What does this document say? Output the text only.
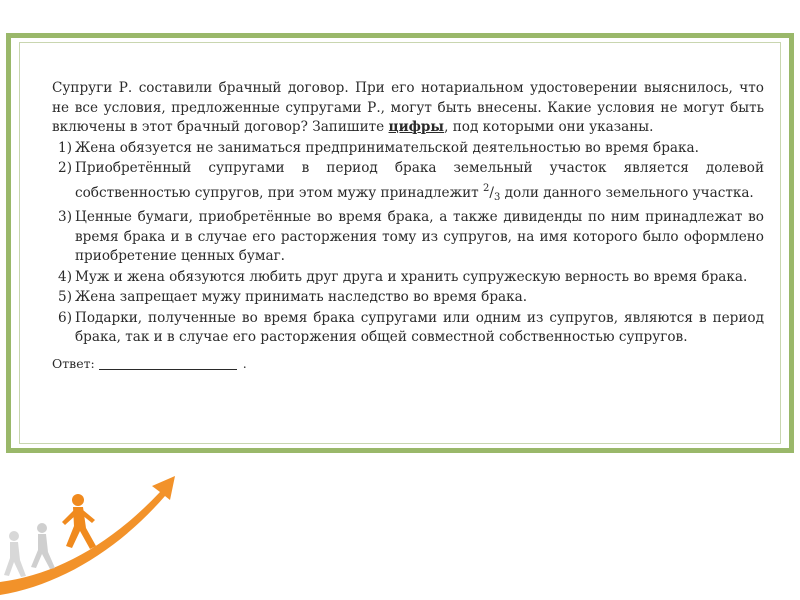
Супруги Р. составили брачный договор. При его нотариальном удостоверении выяснилось, что не все условия, предложенные супругами Р., могут быть внесены. Какие условия не могут быть включены в этот брачный договор? Запишите цифры, под которыми они указаны.

1) Жена обязуется не заниматься предпринимательской деятельностью во время брака.
2) Приобретённый супругами в период брака земельный участок является долевой собственностью супругов, при этом мужу принадлежит $^2/_3$ доли данного земельного участка.
3) Ценные бумаги, приобретённые во время брака, а также дивиденды по ним принадлежат во время брака и в случае его расторжения тому из супругов, на имя которого было оформлено приобретение ценных бумаг.
4) Муж и жена обязуются любить друг друга и хранить супружескую верность во время брака.
5) Жена запрещает мужу принимать наследство во время брака.
6) Подарки, полученные во время брака супругами или одним из супругов, являются в период брака, так и в случае его расторжения общей совместной собственностью супругов.
Ответ:	.
